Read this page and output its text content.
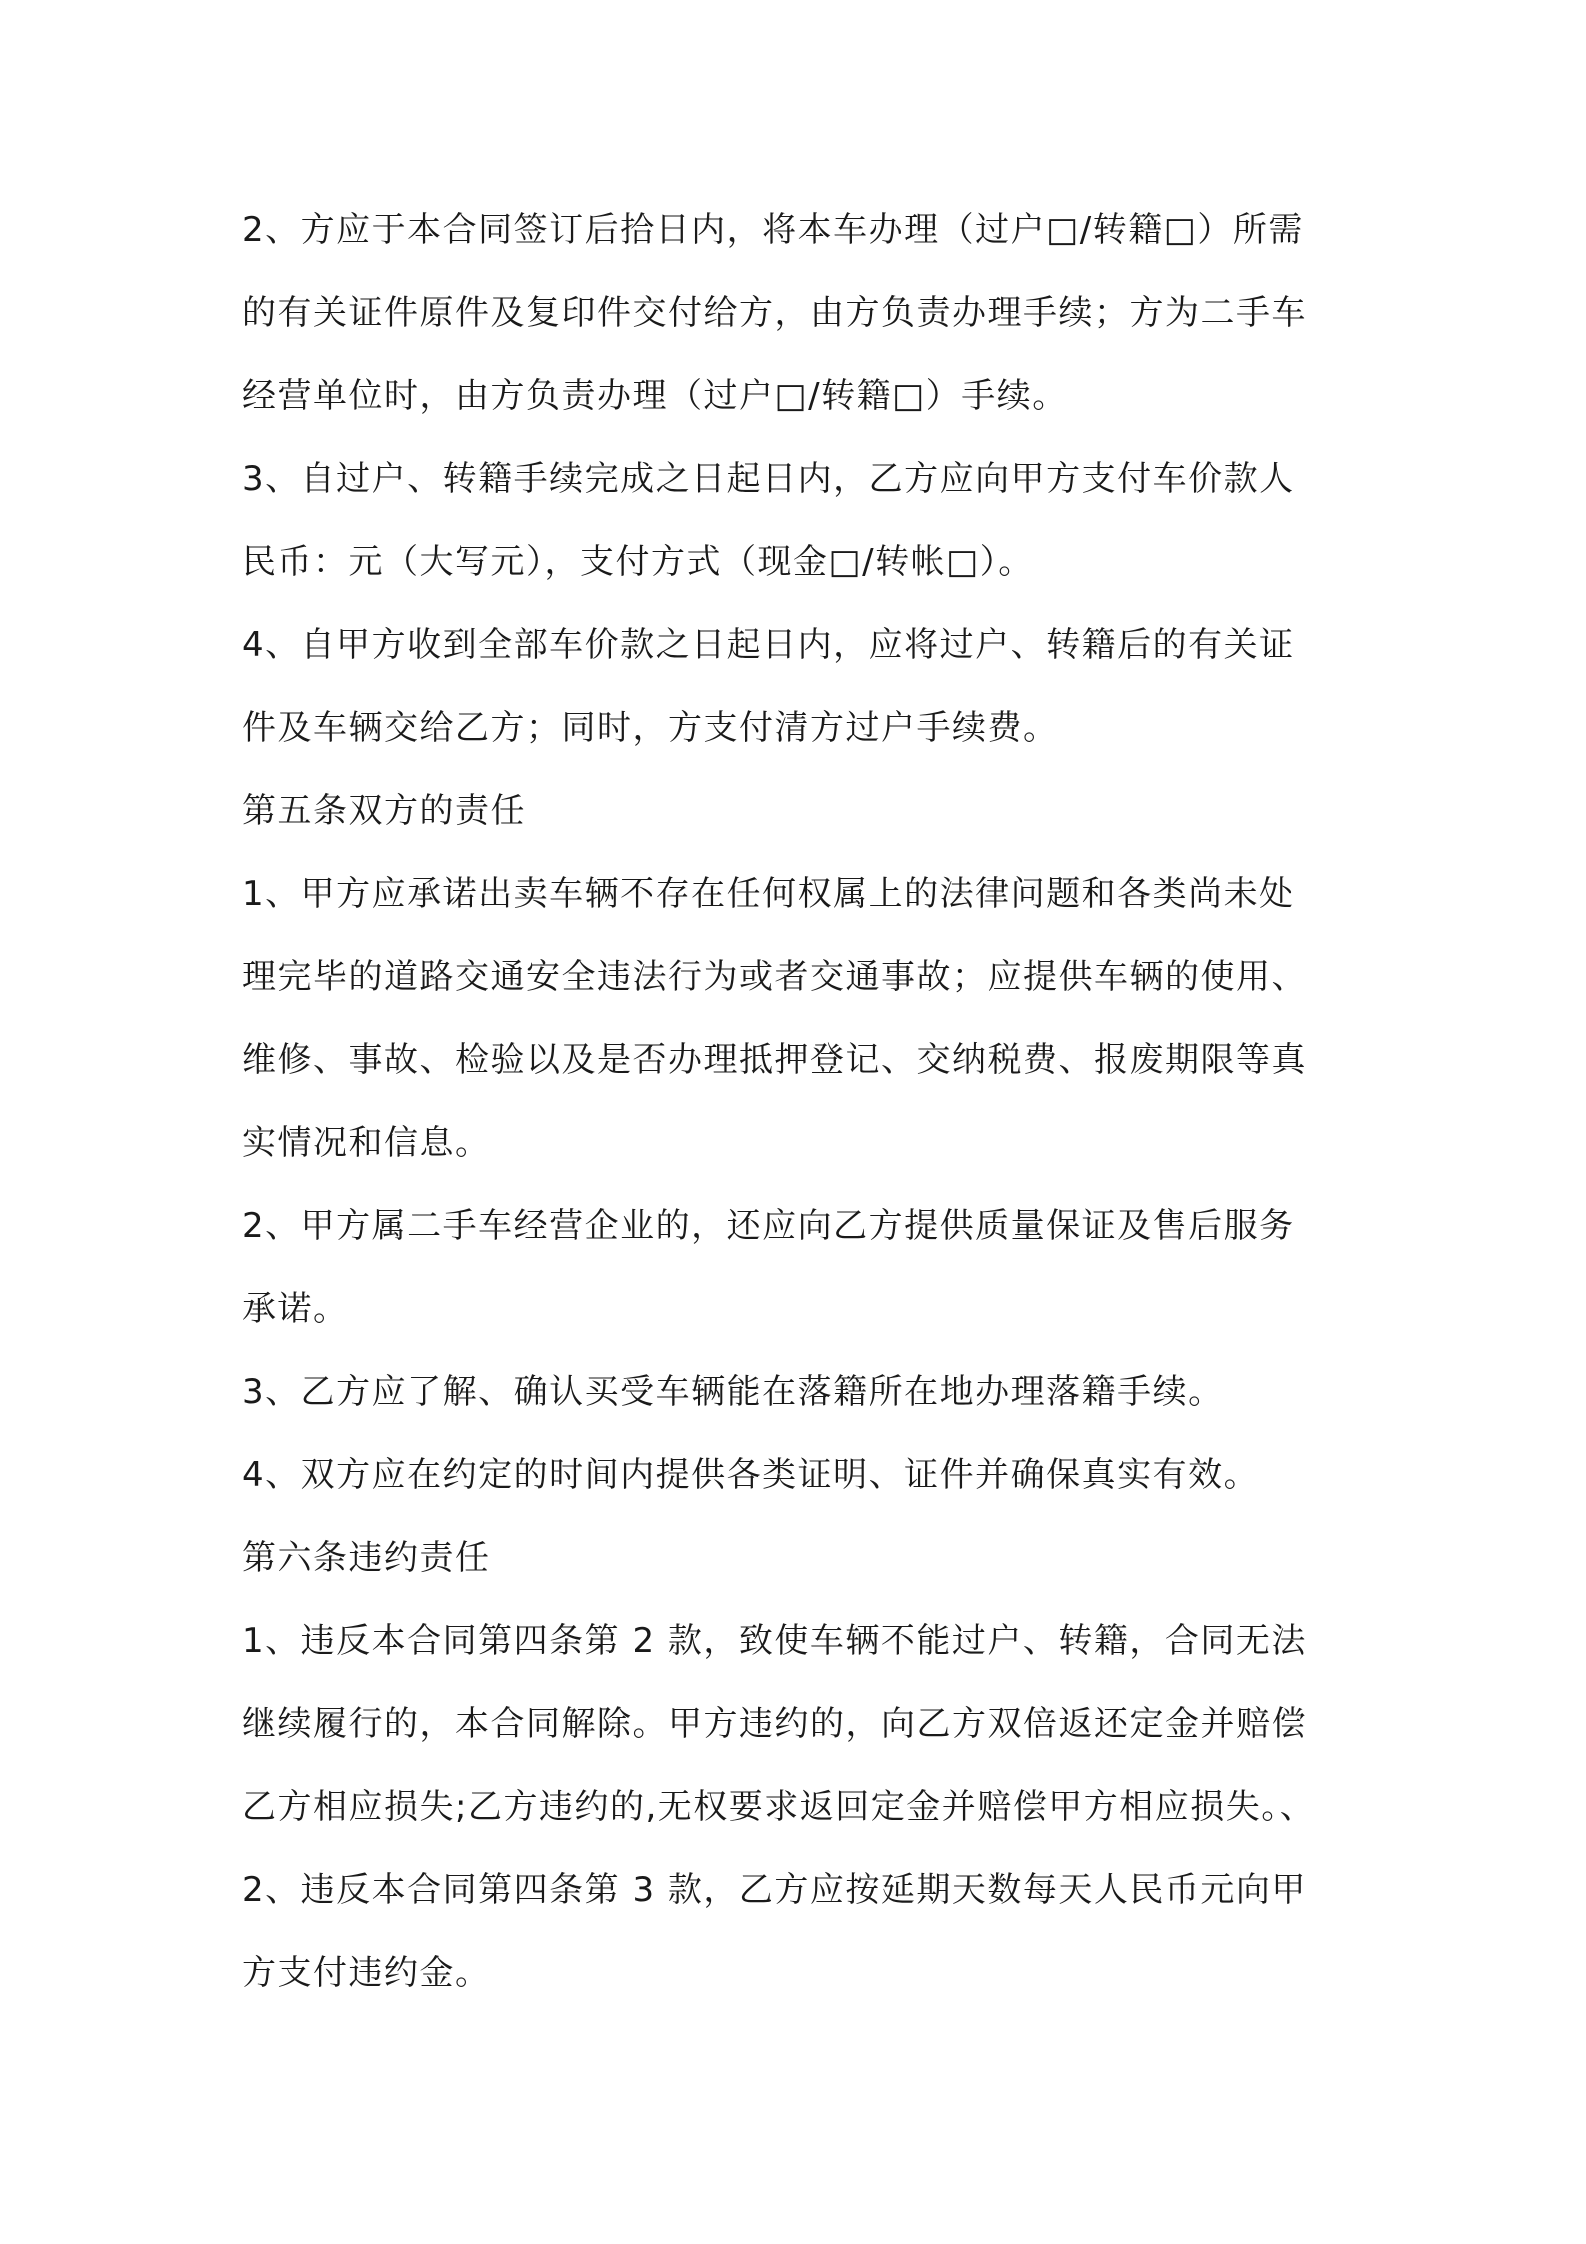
2、方应于本合同签订后拾日内，将本车办理（过户□/转籍□）所需
的有关证件原件及复印件交付给方，由方负责办理手续；方为二手车
经营单位时，由方负责办理（过户□/转籍□）手续。
3、自过户、转籍手续完成之日起日内，乙方应向甲方支付车价款人
民币：元（大写元），支付方式（现金□/转帐□）。
4、自甲方收到全部车价款之日起日内，应将过户、转籍后的有关证
件及车辆交给乙方；同时，方支付清方过户手续费。
第五条双方的责任
1、甲方应承诺出卖车辆不存在任何权属上的法律问题和各类尚未处
理完毕的道路交通安全违法行为或者交通事故；应提供车辆的使用、
维修、事故、检验以及是否办理抵押登记、交纳税费、报废期限等真
实情况和信息。
2、甲方属二手车经营企业的，还应向乙方提供质量保证及售后服务
承诺。
3、乙方应了解、确认买受车辆能在落籍所在地办理落籍手续。
4、双方应在约定的时间内提供各类证明、证件并确保真实有效。
第六条违约责任
1、违反本合同第四条第 2 款，致使车辆不能过户、转籍，合同无法
继续履行的，本合同解除。甲方违约的，向乙方双倍返还定金并赔偿
乙方相应损失;乙方违约的,无权要求返回定金并赔偿甲方相应损失。、
2、违反本合同第四条第 3 款，乙方应按延期天数每天人民币元向甲
方支付违约金。
